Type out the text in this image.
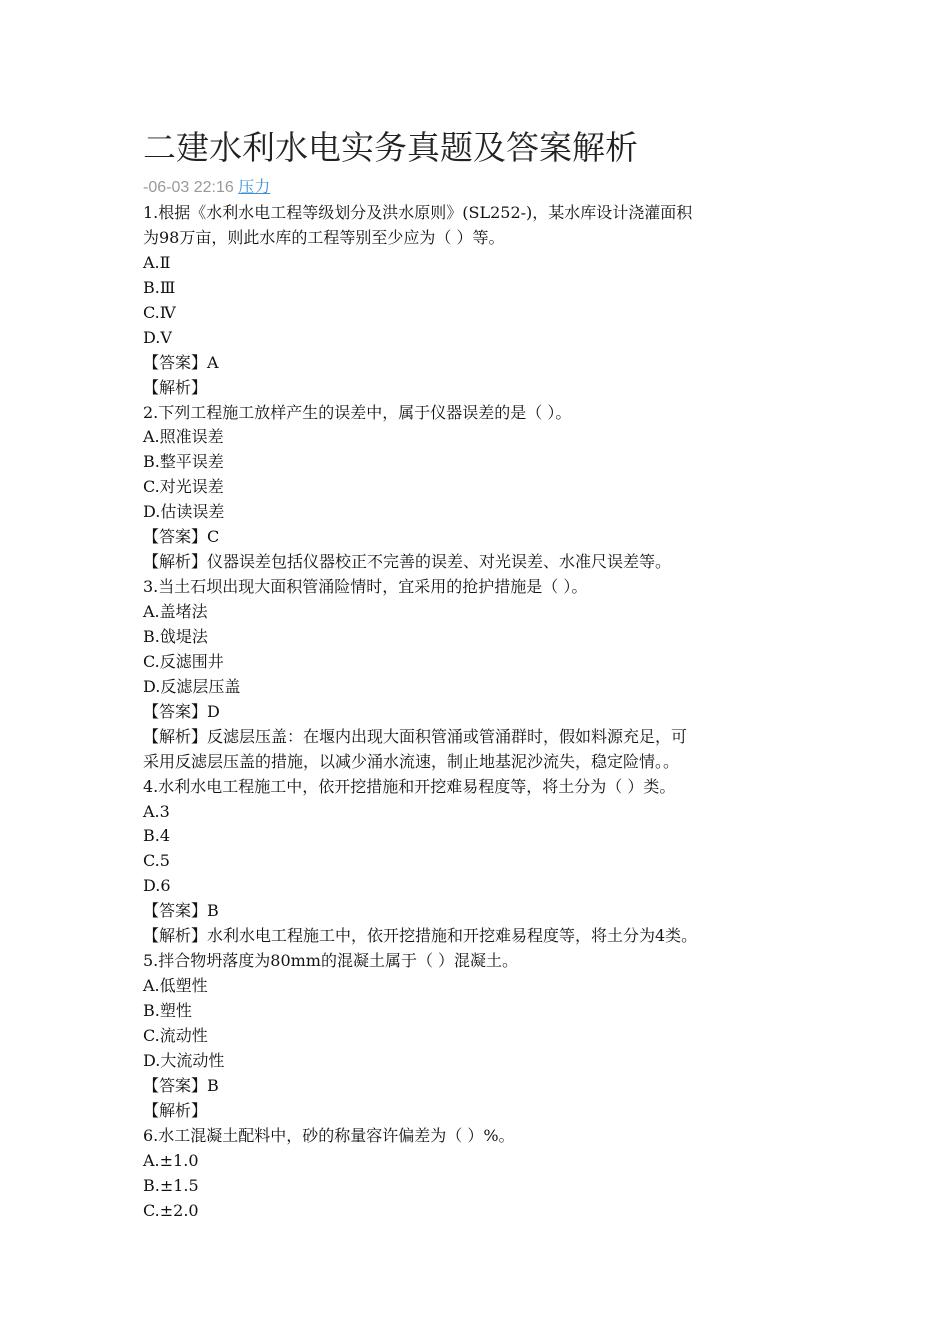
二建水利水电实务真题及答案解析
-06-03 22:16 压力
1.根据《水利水电工程等级划分及洪水原则》(SL252-)，某水库设计浇灌面积
为98万亩，则此水库的工程等别至少应为（ ）等。
A.Ⅱ
B.Ⅲ
C.Ⅳ
D.Ⅴ
【答案】A
【解析】
2.下列工程施工放样产生的误差中，属于仪器误差的是（ ）。
A.照准误差
B.整平误差
C.对光误差
D.估读误差
【答案】C
【解析】仪器误差包括仪器校正不完善的误差、对光误差、水准尺误差等。
3.当土石坝出现大面积管涌险情时，宜采用的抢护措施是（ ）。
A.盖堵法
B.戗堤法
C.反滤围井
D.反滤层压盖
【答案】D
【解析】反滤层压盖：在堰内出现大面积管涌或管涌群时，假如料源充足，可
采用反滤层压盖的措施，以减少涌水流速，制止地基泥沙流失，稳定险情。。
4.水利水电工程施工中，依开挖措施和开挖难易程度等，将土分为（ ）类。
A.3
B.4
C.5
D.6
【答案】B
【解析】水利水电工程施工中，依开挖措施和开挖难易程度等，将土分为4类。
5.拌合物坍落度为80mm的混凝土属于（ ）混凝土。
A.低塑性
B.塑性
C.流动性
D.大流动性
【答案】B
【解析】
6.水工混凝土配料中，砂的称量容许偏差为（ ）%。
A.±1.0
B.±1.5
C.±2.0
